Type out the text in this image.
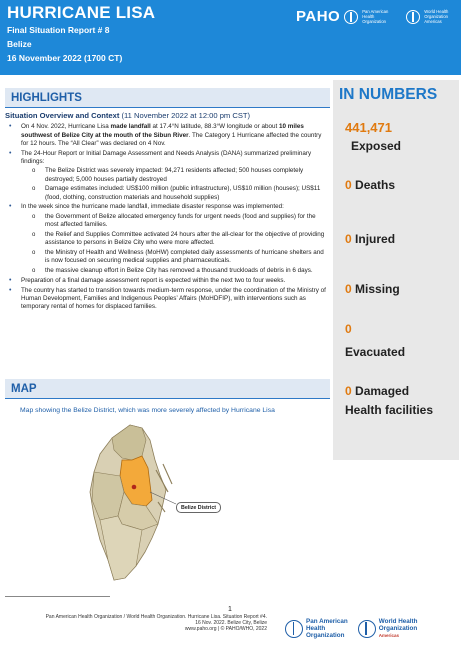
HURRICANE LISA
Final Situation Report # 8
Belize
16 November 2022 (1700 CT)
PAHO	Pan American
Health
Organization
World Health
Organization
Americas
HIGHLIGHTS
Situation Overview and Context (11 November 2022 at 12:00 pm CST)
• On 4 Nov. 2022, Hurricane Lisa made landfall at 17.4°N latitude, 88.3°W longitude or about 10 miles southwest of Belize City at the mouth of the Sibun River. The Category 1 Hurricane affected the country for 12 hours. The “All Clear” was declared on 4 Nov.
• The 24-Hour Report or Initial Damage Assessment and Needs Analysis (DANA) summarized preliminary findings:
o The Belize District was severely impacted: 94,271 residents affected; 500 houses completely destroyed; 5,000 houses partially destroyed
o Damage estimates included: US$100 million (public infrastructure), US$10 million (houses); US$11 (food, clothing, construction materials and household supplies)
• In the week since the hurricane made landfall, immediate disaster response was implemented:
o the Government of Belize allocated emergency funds for urgent needs (food and supplies) for the most affected families.
o the Relief and Supplies Committee activated 24 hours after the all-clear for the objective of providing assistance to persons in Belize City who were more affected.
o the Ministry of Health and Wellness (MoHW) completed daily assessments of hurricane shelters and is now focused on securing medical supplies and pharmaceuticals.
o the massive cleanup effort in Belize City has removed a thousand truckloads of debris in 6 days.
• Preparation of a final damage assessment report is expected within the next two to four weeks.
• The country has started to transition towards medium-term response, under the coordination of the Ministry of Human Development, Families and Indigenous Peoples’ Affairs (MoHDFIP), with interventions such as temporary rental of homes for displaced families.
IN NUMBERS
441,471
Exposed
0 Deaths
0 Injured
0 Missing
0
Evacuated
0 Damaged
Health facilities
MAP
Map showing the Belize District, which was more severely affected by Hurricane Lisa
Belize District
1
Pan American Health Organization / World Health Organization. Hurricane Lisa. Situation Report #4.
16 Nov. 2022. Belize City, Belize
www.paho.org | © PAHO/WHO, 2022
Pan American
Health
Organization
World Health
Organization
Americas
